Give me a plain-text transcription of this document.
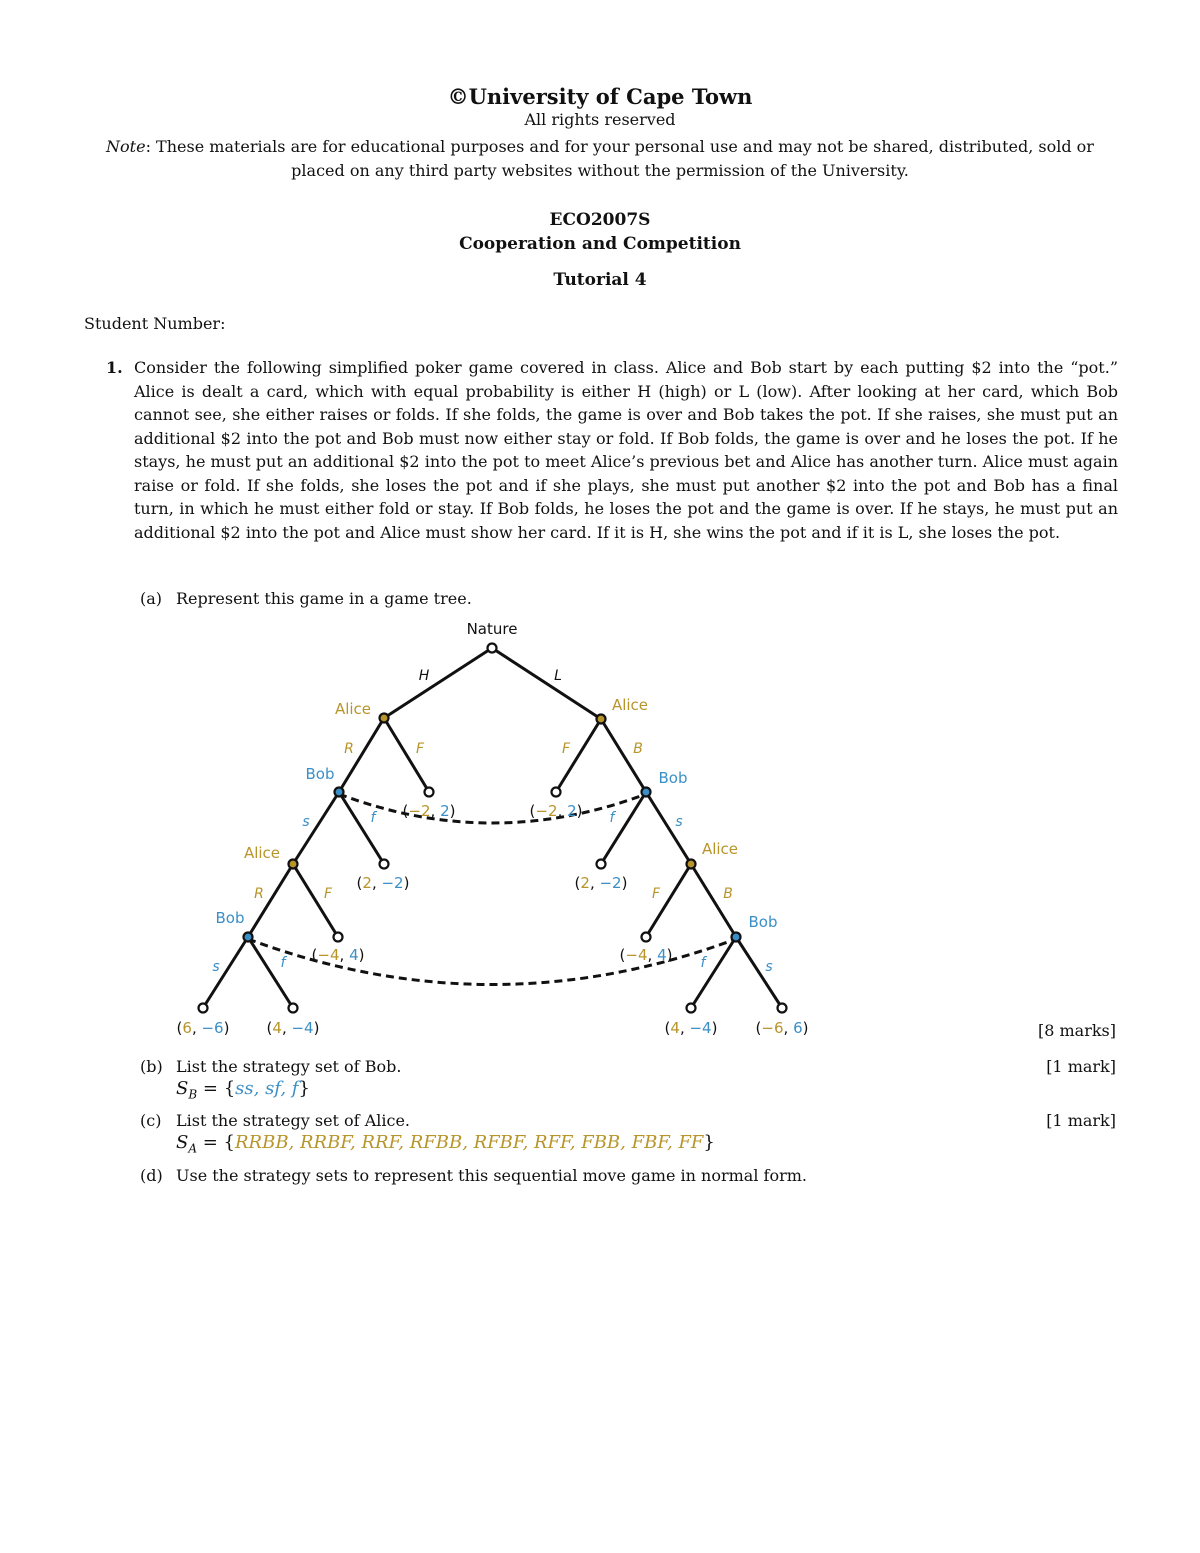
©University of Cape Town
All rights reserved
Note: These materials are for educational purposes and for your personal use and may not be shared, distributed, sold or placed on any third party websites without the permission of the University.
ECO2007S
Cooperation and Competition
Tutorial 4
Student Number:
1. Consider the following simplified poker game covered in class. Alice and Bob start by each putting $2 into the “pot.” Alice is dealt a card, which with equal probability is either H (high) or L (low). After looking at her card, which Bob cannot see, she either raises or folds. If she folds, the game is over and Bob takes the pot. If she raises, she must put an additional $2 into the pot and Bob must now either stay or fold. If Bob folds, the game is over and he loses the pot. If he stays, he must put an additional $2 into the pot to meet Alice’s previous bet and Alice has another turn. Alice must again raise or fold. If she folds, she loses the pot and if she plays, she must put another $2 into the pot and Bob has a final turn, in which he must either fold or stay. If Bob folds, he loses the pot and the game is over. If he stays, he must put an additional $2 into the pot and Alice must show her card. If it is H, she wins the pot and if it is L, she loses the pot.
(a) Represent this game in a game tree.
Nature
Alice	Alice
Bob	Bob
Alice	Alice
Bob	Bob
H	L
R	F	F	B
s	f	f	s
R	F	F	B
s	f	f	s
(−2, 2)	(−2, 2)
(2, −2)	(2, −2)
(−4, 4)	(−4, 4)
(6, −6) (4, −4)	(4, −4)	(−6, 6)	[8 marks]
(b) List the strategy set of Bob.	[1 mark]
$S_B = \{ss$, sf, f}
(c) List the strategy set of Alice.	[1 mark]
$S_A$ = {RRBB, RRBF, RRF, RFBB, RFBF, RFF, FBB, FBF, FF}
(d) Use the strategy sets to represent this sequential move game in normal form.
